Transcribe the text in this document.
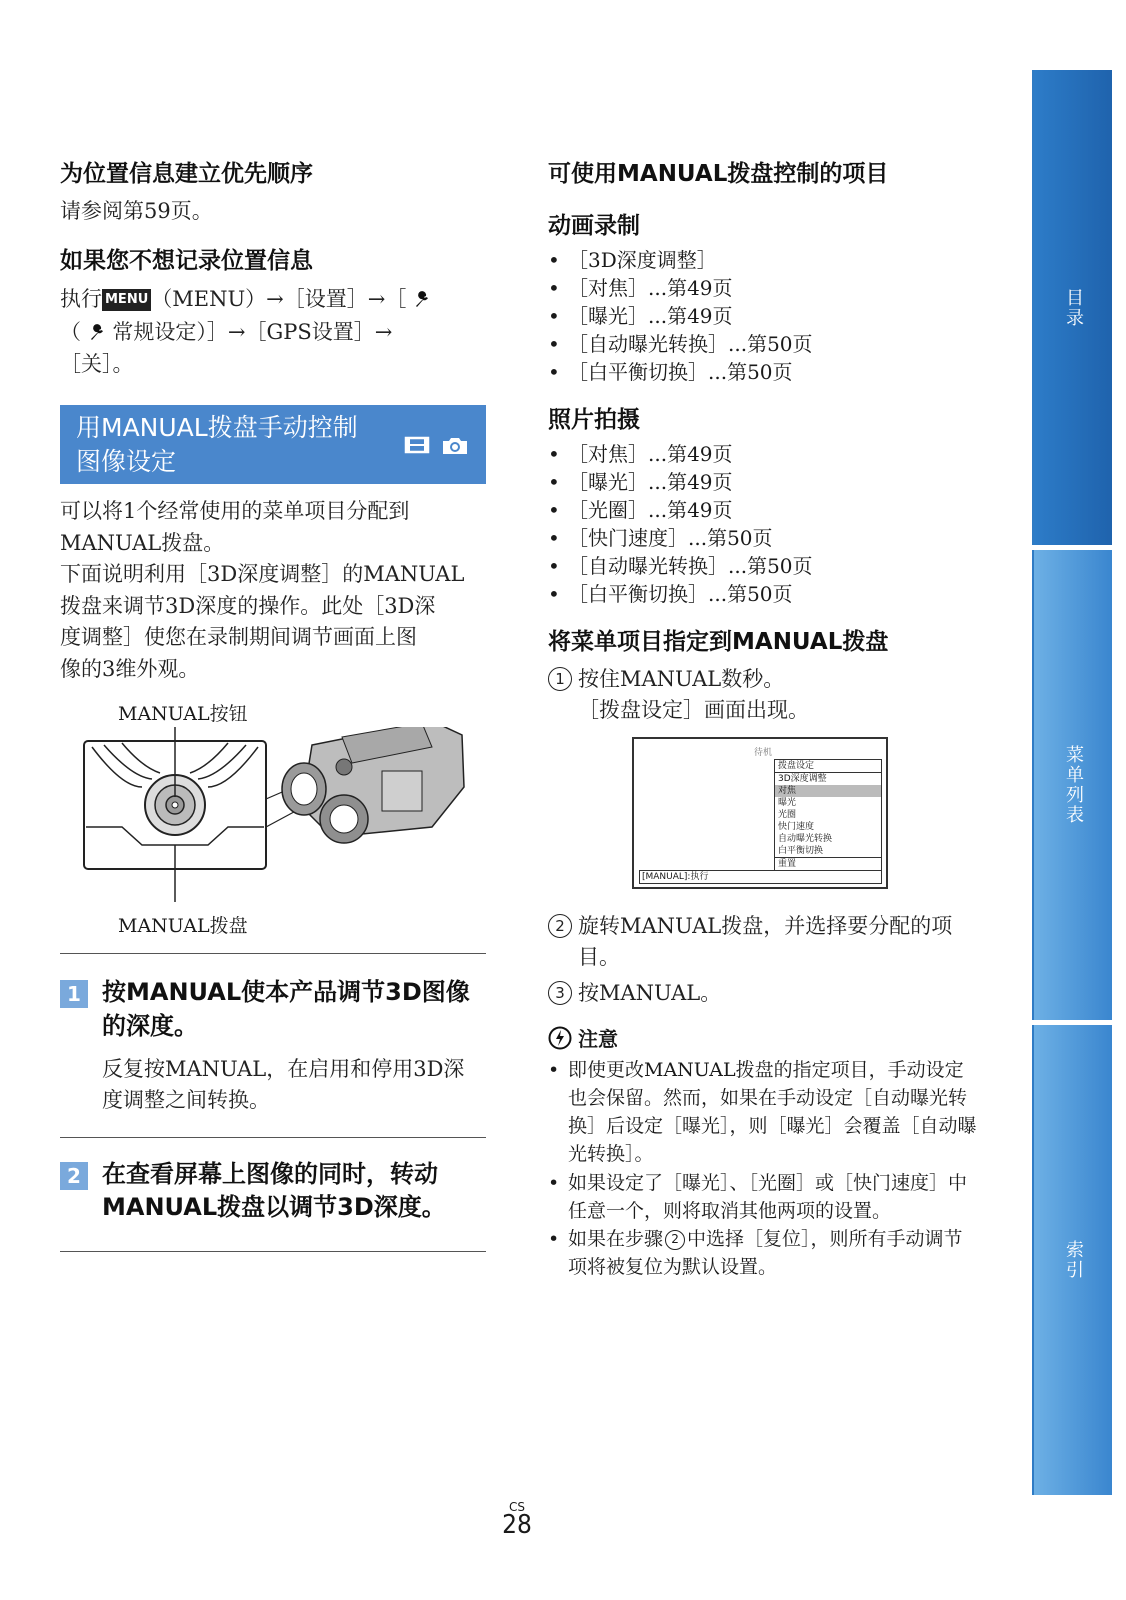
目录
菜单列表
索引
为位置信息建立优先顺序

请参阅第59页。

如果您不想记录位置信息

执行 MENU （MENU）→［设置］→［
（ 常规设定）］→［GPS设置］→
［关］。

用MANUAL拨盘手动控制
图像设定

可以将1个经常使用的菜单项目分配到

MANUAL拨盘。

下面说明利用［3D深度调整］的MANUAL

拨盘来调节3D深度的操作。此处［3D深

度调整］使您在录制期间调节画面上图

像的3维外观。

MANUAL按钮
MANUAL拨盘
1 按MANUAL使本产品调节3D图像的深度。

反复按MANUAL，在启用和停用3D深度调整之间转换。

2 在查看屏幕上图像的同时，转动MANUAL拨盘以调节3D深度。
可使用MANUAL拨盘控制的项目
动画录制
• ［3D深度调整］
• ［对焦］...第49页
• ［曝光］...第49页
• ［自动曝光转换］...第50页
• ［白平衡切换］...第50页
照片拍摄
• ［对焦］...第49页
• ［曝光］...第49页
• ［光圈］...第49页
• ［快门速度］...第50页
• ［自动曝光转换］...第50页
• ［白平衡切换］...第50页
将菜单项目指定到MANUAL拨盘

1 按住MANUAL数秒。

［拨盘设定］画面出现。

待机
拨盘设定
3D深度调整
对焦
曝光
光圈
快门速度
自动曝光转换
白平衡切换
重置
[MANUAL]:执行

2 旋转MANUAL拨盘，并选择要分配的项目。

3 按MANUAL。

注意
• 即使更改MANUAL拨盘的指定项目，手动设定也会保留。然而，如果在手动设定［自动曝光转换］后设定［曝光］，则［曝光］会覆盖［自动曝光转换］。
• 如果设定了［曝光］、［光圈］或［快门速度］中任意一个，则将取消其他两项的设置。
• 如果在步骤 2 中选择［复位］，则所有手动调节项将被复位为默认设置。
CS
28
